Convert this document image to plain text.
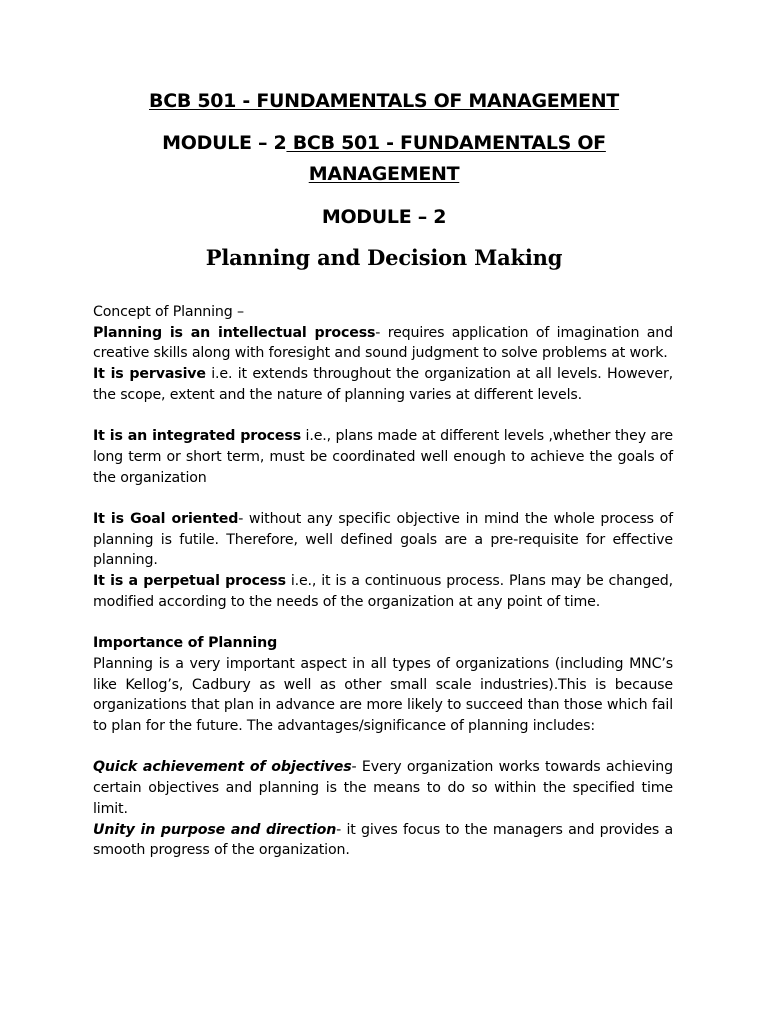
BCB 501 - FUNDAMENTALS OF MANAGEMENT
MODULE – 2 BCB 501 - FUNDAMENTALS OF
MANAGEMENT
MODULE – 2
Planning and Decision Making

Concept of Planning –

Planning is an intellectual process- requires application of imagination and creative skills along with foresight and sound judgment to solve problems at work.

It is pervasive i.e. it extends throughout the organization at all levels. However, the scope, extent and the nature of planning varies at different levels.

It is an integrated process i.e., plans made at different levels ,whether they are long term or short term, must be coordinated well enough to achieve the goals of the organization

It is Goal oriented- without any specific objective in mind the whole process of planning is futile. Therefore, well defined goals are a pre-requisite for effective planning.

It is a perpetual process i.e., it is a continuous process. Plans may be changed, modified according to the needs of the organization at any point of time.

Importance of Planning

Planning is a very important aspect in all types of organizations (including MNC’s like Kellog’s, Cadbury as well as other small scale industries).This is because organizations that plan in advance are more likely to succeed than those which fail to plan for the future. The advantages/significance of planning includes:

Quick achievement of objectives- Every organization works towards achieving certain objectives and planning is the means to do so within the specified time limit.

Unity in purpose and direction- it gives focus to the managers and provides a smooth progress of the organization.
